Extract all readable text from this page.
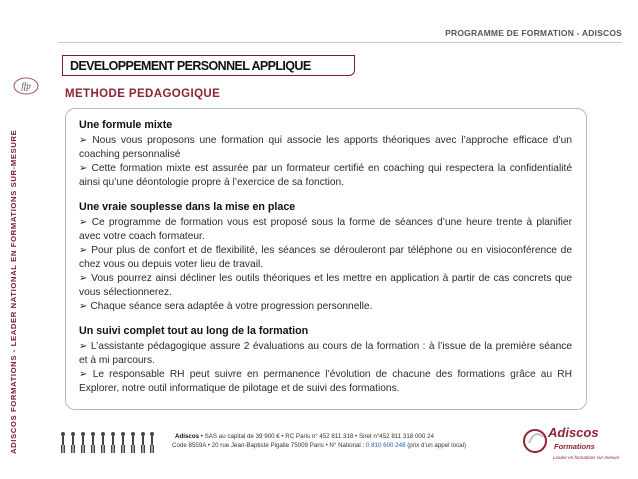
PROGRAMME DE FORMATION - ADISCOS
ADISCOS FORMATIONS - LEADER NATIONAL EN FORMATIONS SUR-MESURE
ffp
DEVELOPPEMENT PERSONNEL APPLIQUE
METHODE PEDAGOGIQUE
Une formule mixte
➢ Nous vous proposons une formation qui associe les apports théoriques avec l’approche efficace d’un coaching personnalisé
➢ Cette formation mixte est assurée par un formateur certifié en coaching qui respectera la confidentialité ainsi qu’une déontologie propre à l’exercice de sa fonction.
Une vraie souplesse dans la mise en place
➢ Ce programme de formation vous est proposé sous la forme de séances d’une heure trente à planifier avec votre coach formateur.
➢ Pour plus de confort et de flexibilité, les séances se dérouleront par téléphone ou en visioconférence de chez vous ou depuis voter lieu de travail.
➢ Vous pourrez ainsi décliner les outils théoriques et les mettre en application à partir de cas concrets que vous sélectionnerez.
➢ Chaque séance sera adaptée à votre progression personnelle.
Un suivi complet tout au long de la formation
➢ L’assistante pédagogique assure 2 évaluations au cours de la formation : à l’issue de la première séance et à mi parcours.
➢ Le responsable RH peut suivre en permanence l’évolution de chacune des formations grâce au RH Explorer, notre outil informatique de pilotage et de suivi des formations.
Adiscos • SAS au capital de 39 900 € • RC Paris n° 452 811 318 • Siret n°452 811 318 000 24
Code 8559A • 20 rue Jean-Baptiste Pigalle 75009 Paris • N° National : 0 810 600 248 (prix d’un appel local)
Adiscos
Formations
Leader en formations sur-mesure
